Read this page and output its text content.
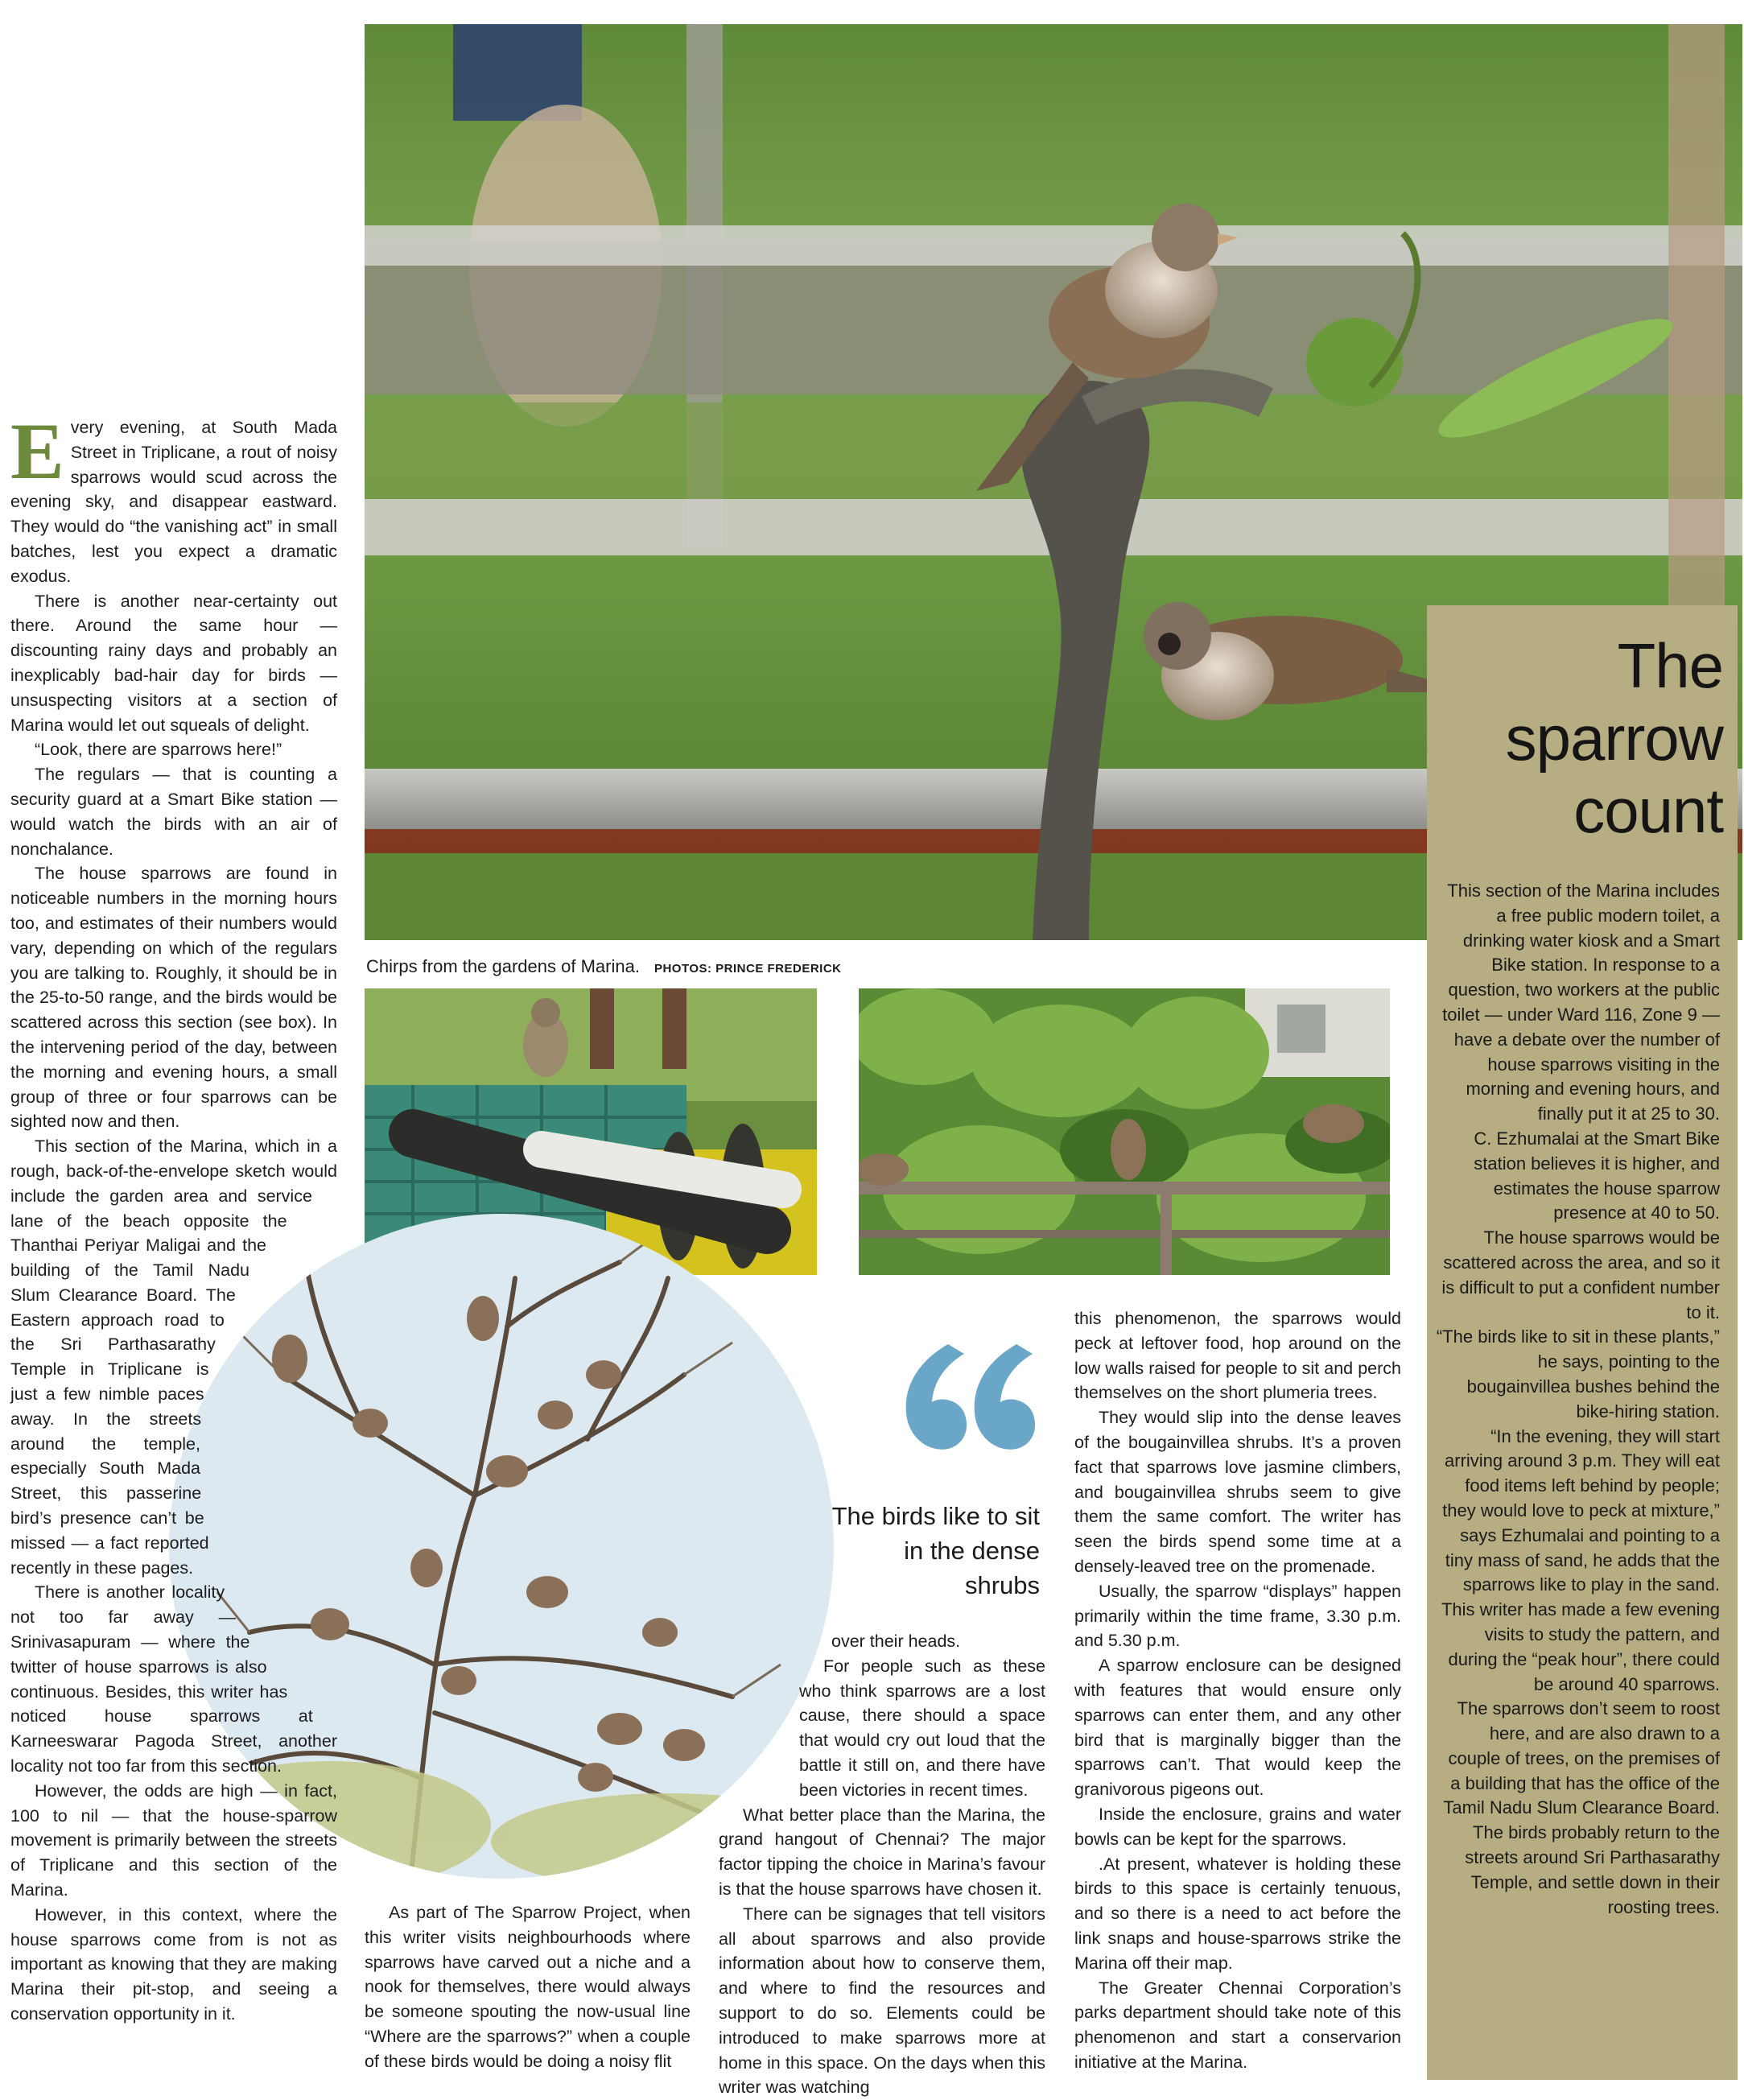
The
sparrow
count

This section of the Marina includes a free public modern toilet, a drinking water kiosk and a Smart Bike station. In response to a question, two workers at the public toilet — under Ward 116, Zone 9 — have a debate over the number of house sparrows visiting in the morning and evening hours, and finally put it at 25 to 30.

C. Ezhumalai at the Smart Bike station believes it is higher, and estimates the house sparrow presence at 40 to 50.

The house sparrows would be scattered across the area, and so it is difficult to put a confident number to it.

“The birds like to sit in these plants,” he says, pointing to the bougainvillea bushes behind the bike-hiring station.

“In the evening, they will start arriving around 3 p.m. They will eat food items left behind by people; they would love to peck at mixture,” says Ezhumalai and pointing to a tiny mass of sand, he adds that the sparrows like to play in the sand.

This writer has made a few evening visits to study the pattern, and during the “peak hour”, there could be around 40 sparrows.

The sparrows don’t seem to roost here, and are also drawn to a couple of trees, on the premises of a building that has the office of the Tamil Nadu Slum Clearance Board.

The birds probably return to the streets around Sri Parthasarathy Temple, and settle down in their roosting trees.

Chirps from the gardens of Marina. PHOTOS: PRINCE FREDERICK
The birds like to sit in the dense shrubs

Every evening, at South Mada Street in Triplicane, a rout of noisy sparrows would scud across the evening sky, and disappear eastward. They would do “the vanishing act” in small batches, lest you expect a dramatic exodus.

There is another near-certainty out there. Around the same hour — discounting rainy days and probably an inexplicably bad-hair day for birds — unsuspecting visitors at a section of Marina would let out squeals of delight.

“Look, there are sparrows here!”

The regulars — that is counting a security guard at a Smart Bike station — would watch the birds with an air of nonchalance.

The house sparrows are found in noticeable numbers in the morning hours too, and estimates of their numbers would vary, depending on which of the regulars you are talking to. Roughly, it should be in the 25-to-50 range, and the birds would be scattered across this section (see box). In the intervening period of the day, between the morning and evening hours, a small group of three or four sparrows can be sighted now and then.

This section of the Marina, which in a rough, back-of-the-envelope sketch would include the garden area and service lane of the beach opposite the Thanthai Periyar Maligai and the building of the Tamil Nadu Slum Clearance Board. The Eastern approach road to the Sri Parthasarathy Temple in Triplicane is just a few nimble paces away. In the streets around the temple, especially South Mada Street, this passerine bird’s presence can’t be missed — a fact reported recently in these pages.

There is another locality not too far away — Srinivasapuram — where the twitter of house sparrows is also continuous. Besides, this writer has noticed house sparrows at Karneeswarar Pagoda Street, another locality not too far from this section.

However, the odds are high — in fact, 100 to nil — that the house-sparrow movement is primarily between the streets of Triplicane and this section of the Marina.

However, in this context, where the house sparrows come from is not as important as knowing that they are making Marina their pit-stop, and seeing a conservation opportunity in it.

As part of The Sparrow Project, when this writer visits neighbourhoods where sparrows have carved out a niche and a nook for themselves, there would always be someone spouting the now-usual line “Where are the sparrows?” when a couple of these birds would be doing a noisy flit

over their heads.

For people such as these who think sparrows are a lost cause, there should a space that would cry out loud that the battle it still on, and there have been victories in recent times.

What better place than the Marina, the grand hangout of Chennai? The major factor tipping the choice in Marina’s favour is that the house sparrows have chosen it.

There can be signages that tell visitors all about sparrows and also provide information about how to conserve them, and where to find the resources and support to do so. Elements could be introduced to make sparrows more at home in this space. On the days when this writer was watching

this phenomenon, the sparrows would peck at leftover food, hop around on the low walls raised for people to sit and perch themselves on the short plumeria trees.

They would slip into the dense leaves of the bougainvillea shrubs. It’s a proven fact that sparrows love jasmine climbers, and bougainvillea shrubs seem to give them the same comfort. The writer has seen the birds spend some time at a densely-leaved tree on the promenade.

Usually, the sparrow “displays” happen primarily within the time frame, 3.30 p.m. and 5.30 p.m.

A sparrow enclosure can be designed with features that would ensure only sparrows can enter them, and any other bird that is marginally bigger than the sparrows can’t. That would keep the granivorous pigeons out.

Inside the enclosure, grains and water bowls can be kept for the sparrows.

.At present, whatever is holding these birds to this space is certainly tenuous, and so there is a need to act before the link snaps and house-sparrows strike the Marina off their map.

The Greater Chennai Corporation’s parks department should take note of this phenomenon and start a conservarion initiative at the Marina.
